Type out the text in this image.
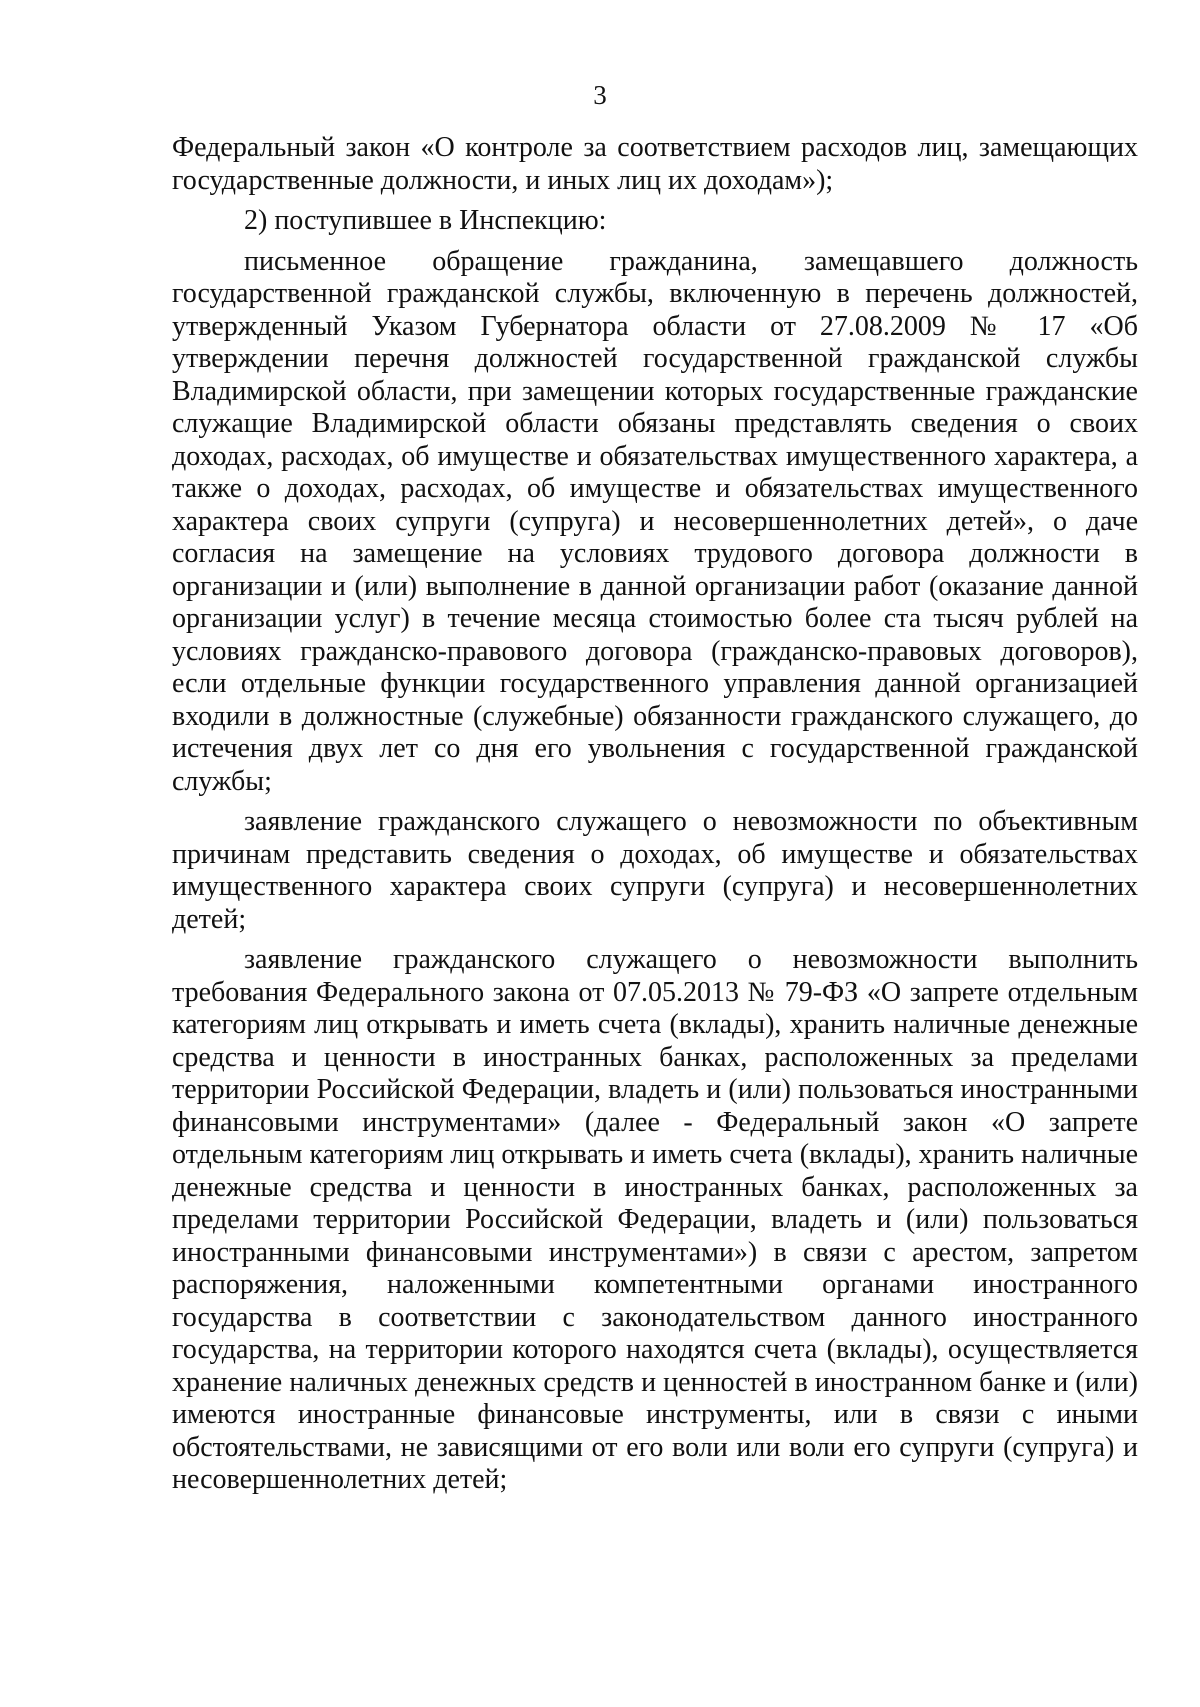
3

Федеральный закон «О контроле за соответствием расходов лиц, замещающих государственные должности, и иных лиц их доходам»);

2) поступившее в Инспекцию:

письменное обращение гражданина, замещавшего должность государственной гражданской службы, включенную в перечень должностей, утвержденный Указом Губернатора области от 27.08.2009 № 17 «Об утверждении перечня должностей государственной гражданской службы Владимирской области, при замещении которых государственные гражданские служащие Владимирской области обязаны представлять сведения о своих доходах, расходах, об имуществе и обязательствах имущественного характера, а также о доходах, расходах, об имуществе и обязательствах имущественного характера своих супруги (супруга) и несовершеннолетних детей», о даче согласия на замещение на условиях трудового договора должности в организации и (или) выполнение в данной организации работ (оказание данной организации услуг) в течение месяца стоимостью более ста тысяч рублей на условиях гражданско-правового договора (гражданско-правовых договоров), если отдельные функции государственного управления данной организацией входили в должностные (служебные) обязанности гражданского служащего, до истечения двух лет со дня его увольнения с государственной гражданской службы;

заявление гражданского служащего о невозможности по объективным причинам представить сведения о доходах, об имуществе и обязательствах имущественного характера своих супруги (супруга) и несовершеннолетних детей;

заявление гражданского служащего о невозможности выполнить требования Федерального закона от 07.05.2013 № 79-ФЗ «О запрете отдельным категориям лиц открывать и иметь счета (вклады), хранить наличные денежные средства и ценности в иностранных банках, расположенных за пределами территории Российской Федерации, владеть и (или) пользоваться иностранными финансовыми инструментами» (далее - Федеральный закон «О запрете отдельным категориям лиц открывать и иметь счета (вклады), хранить наличные денежные средства и ценности в иностранных банках, расположенных за пределами территории Российской Федерации, владеть и (или) пользоваться иностранными финансовыми инструментами») в связи с арестом, запретом распоряжения, наложенными компетентными органами иностранного государства в соответствии с законодательством данного иностранного государства, на территории которого находятся счета (вклады), осуществляется хранение наличных денежных средств и ценностей в иностранном банке и (или) имеются иностранные финансовые инструменты, или в связи с иными обстоятельствами, не зависящими от его воли или воли его супруги (супруга) и несовершеннолетних детей;
